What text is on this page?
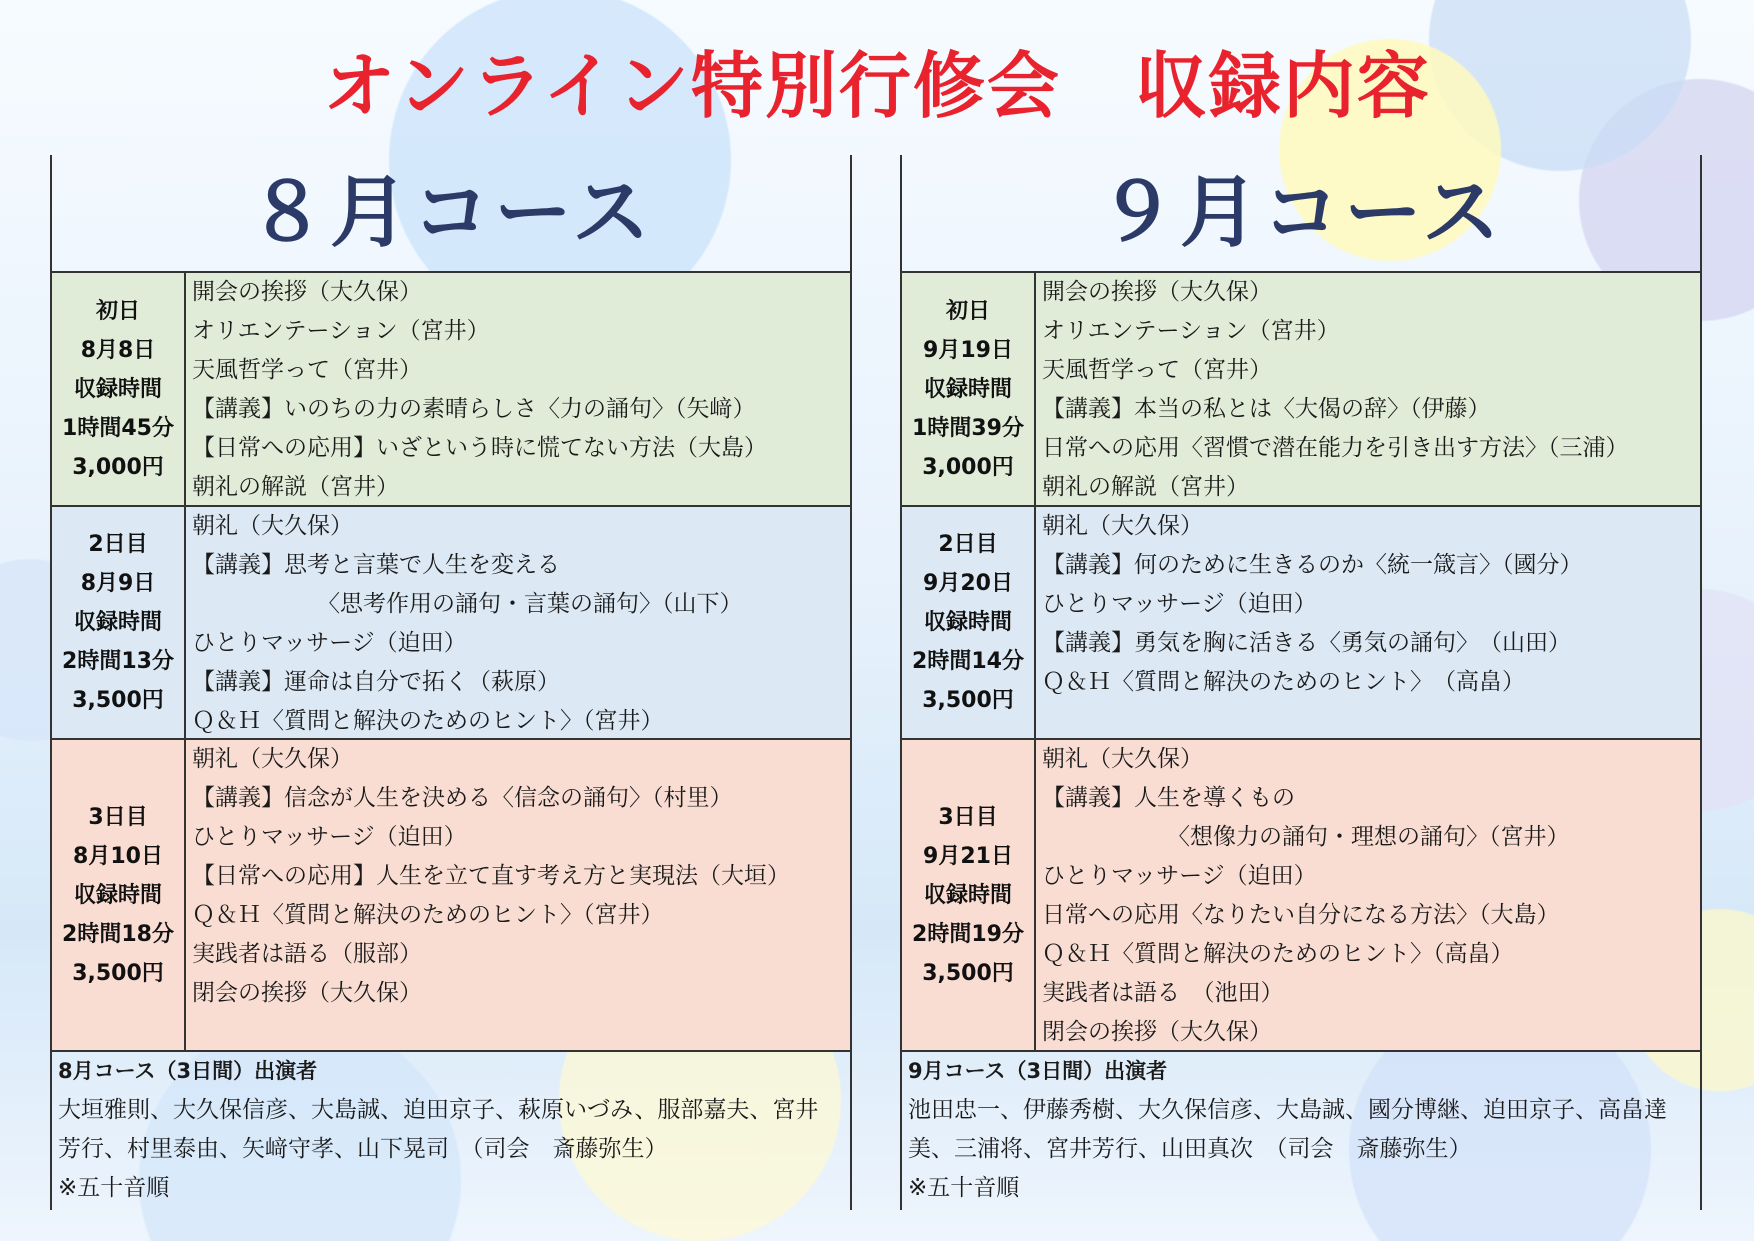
オンライン特別行修会　収録内容
８月コース
初日
8月8日
収録時間
1時間45分
3,000円
開会の挨拶（大久保）
オリエンテーション（宮井）
天風哲学って（宮井）
【講義】いのちの力の素晴らしさ〈力の誦句〉（矢﨑）
【日常への応用】いざという時に慌てない方法（大島）
朝礼の解説（宮井）
2日目
8月9日
収録時間
2時間13分
3,500円
朝礼（大久保）
【講義】思考と言葉で人生を変える
〈思考作用の誦句・言葉の誦句〉（山下）
ひとりマッサージ（迫田）
【講義】運命は自分で拓く（萩原）
Ｑ＆Ｈ〈質問と解決のためのヒント〉（宮井）
3日目
8月10日
収録時間
2時間18分
3,500円
朝礼（大久保）
【講義】信念が人生を決める〈信念の誦句〉（村里）
ひとりマッサージ（迫田）
【日常への応用】人生を立て直す考え方と実現法（大垣）
Ｑ＆Ｈ〈質問と解決のためのヒント〉（宮井）
実践者は語る（服部）
閉会の挨拶（大久保）
8月コース（3日間）出演者
大垣雅則、大久保信彦、大島誠、迫田京子、萩原いづみ、服部嘉夫、宮井
芳行、村里泰由、矢﨑守孝、山下晃司　（司会　斎藤弥生）
※五十音順
９月コース
初日
9月19日
収録時間
1時間39分
3,000円
開会の挨拶（大久保）
オリエンテーション（宮井）
天風哲学って（宮井）
【講義】本当の私とは〈大偈の辞〉（伊藤）
日常への応用〈習慣で潜在能力を引き出す方法〉（三浦）
朝礼の解説（宮井）
2日目
9月20日
収録時間
2時間14分
3,500円
朝礼（大久保）
【講義】何のために生きるのか〈統一箴言〉（國分）
ひとりマッサージ（迫田）
【講義】勇気を胸に活きる〈勇気の誦句〉　（山田）
Ｑ＆Ｈ〈質問と解決のためのヒント〉　（高畠）
3日目
9月21日
収録時間
2時間19分
3,500円
朝礼（大久保）
【講義】人生を導くもの
〈想像力の誦句・理想の誦句〉（宮井）
ひとりマッサージ（迫田）
日常への応用〈なりたい自分になる方法〉（大島）
Ｑ＆Ｈ〈質問と解決のためのヒント〉（高畠）
実践者は語る　（池田）
閉会の挨拶（大久保）
9月コース（3日間）出演者
池田忠一、伊藤秀樹、大久保信彦、大島誠、國分博継、迫田京子、高畠達
美、三浦将、宮井芳行、山田真次　（司会　斎藤弥生）
※五十音順
